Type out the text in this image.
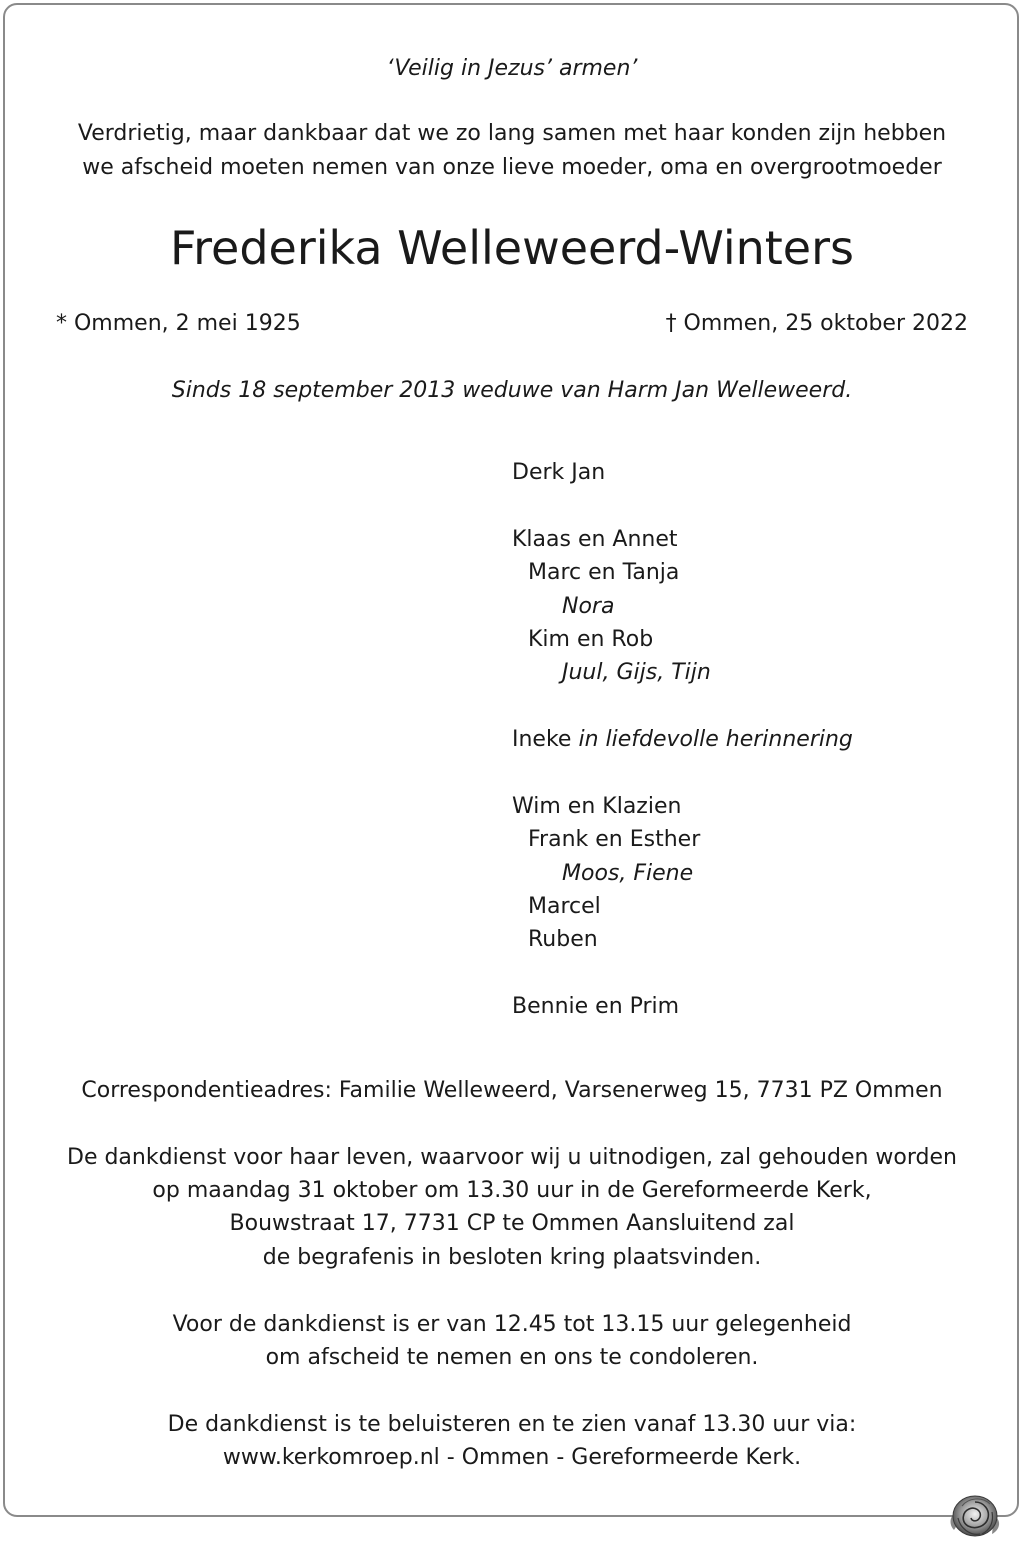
‘Veilig in Jezus’ armen’
Verdrietig, maar dankbaar dat we zo lang samen met haar konden zijn hebben
we afscheid moeten nemen van onze lieve moeder, oma en overgrootmoeder
Frederika Welleweerd-Winters
* Ommen, 2 mei 1925	† Ommen, 25 oktober 2022
Sinds 18 september 2013 weduwe van Harm Jan Welleweerd.
Derk Jan
Klaas en Annet
Marc en Tanja
Nora
Kim en Rob
Juul, Gijs, Tijn
Ineke in liefdevolle herinnering
Wim en Klazien
Frank en Esther
Moos, Fiene
Marcel
Ruben
Bennie en Prim
Correspondentieadres: Familie Welleweerd, Varsenerweg 15, 7731 PZ Ommen
De dankdienst voor haar leven, waarvoor wij u uitnodigen, zal gehouden worden
op maandag 31 oktober om 13.30 uur in de Gereformeerde Kerk,
Bouwstraat 17, 7731 CP te Ommen Aansluitend zal
de begrafenis in besloten kring plaatsvinden.
Voor de dankdienst is er van 12.45 tot 13.15 uur gelegenheid
om afscheid te nemen en ons te condoleren.
De dankdienst is te beluisteren en te zien vanaf 13.30 uur via:
www.kerkomroep.nl - Ommen - Gereformeerde Kerk.
